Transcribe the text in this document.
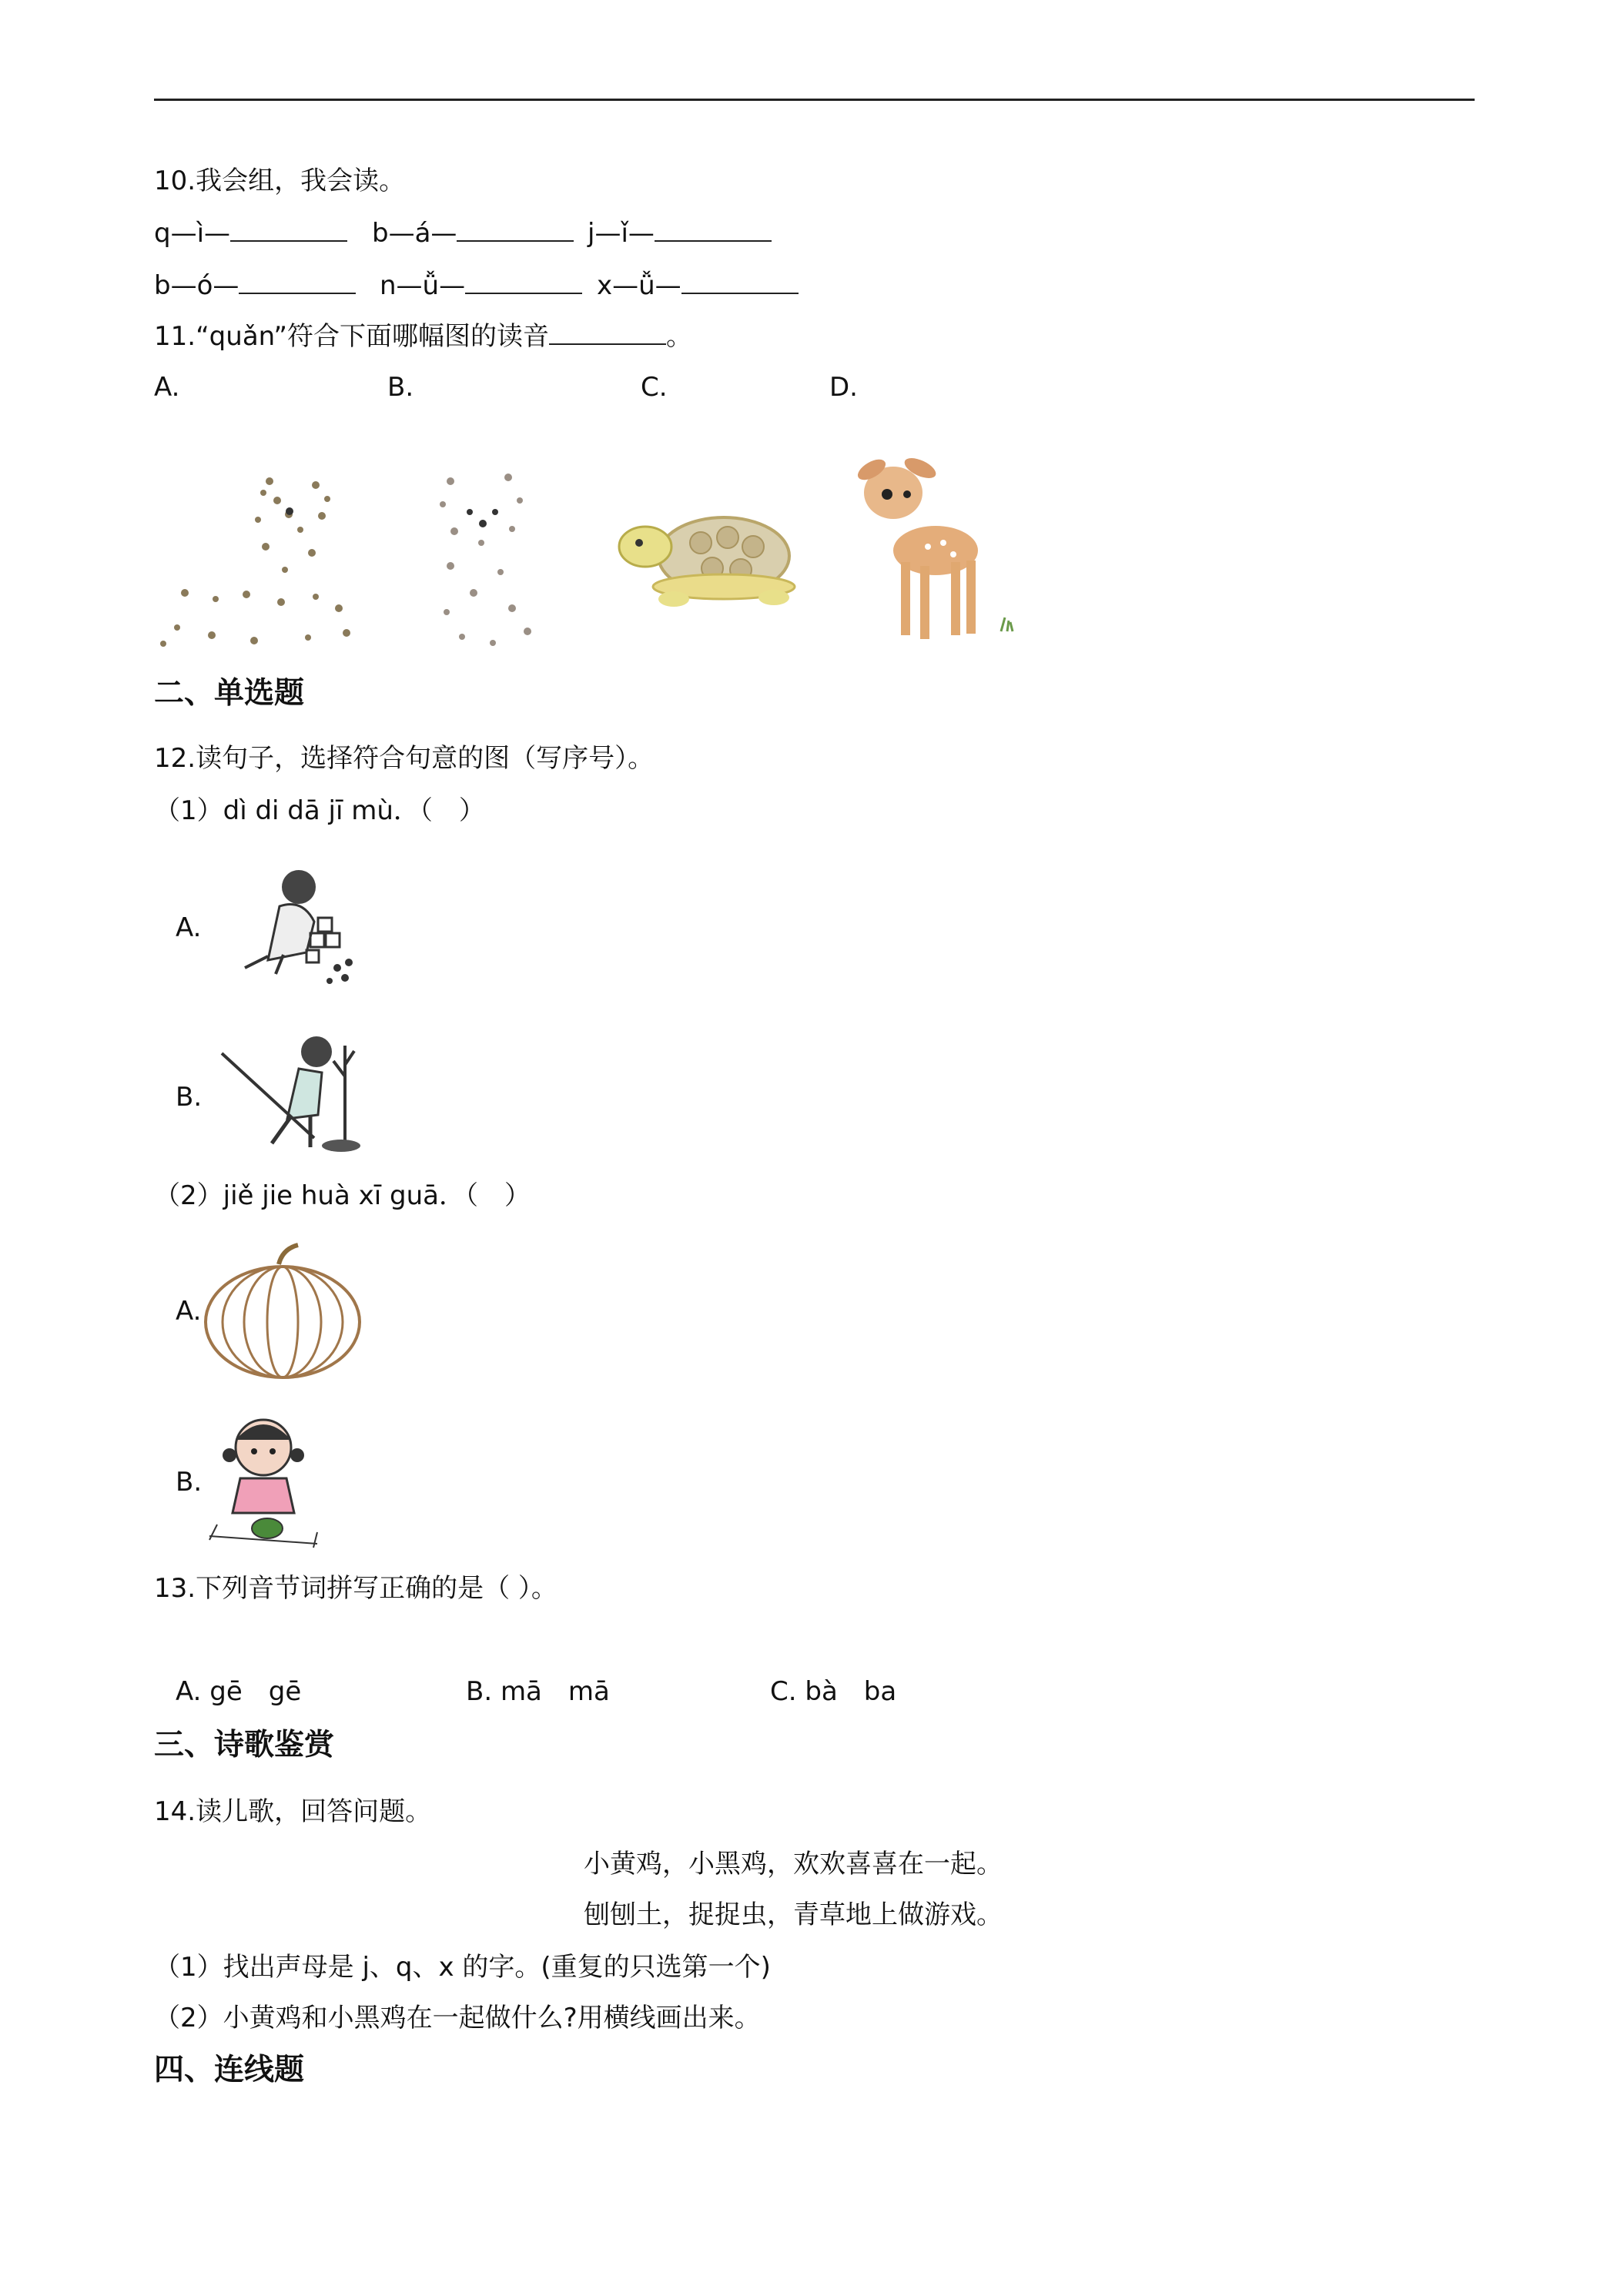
10.我会组，我会读。
q—ì—	b—á—	j—ǐ—
b—ó—	n—ǚ—	x—ǚ—
11.“quǎn”符合下面哪幅图的读音	。
A.	B.	C.	D.
二、单选题
12.读句子，选择符合句意的图（写序号）。
（1）dì di dā jī mù．（　）
A.
B.
（2）jiě jie huà xī guā．（　）
A.
B.
13.下列音节词拼写正确的是（ ）。
A. gē　gē	B. mā　mā	C. bà　ba
三、诗歌鉴赏
14.读儿歌，回答问题。
小黄鸡，小黑鸡，欢欢喜喜在一起。
刨刨土，捉捉虫，青草地上做游戏。
（1）找出声母是 j、q、x 的字。(重复的只选第一个)
（2）小黄鸡和小黑鸡在一起做什么?用横线画出来。
四、连线题
